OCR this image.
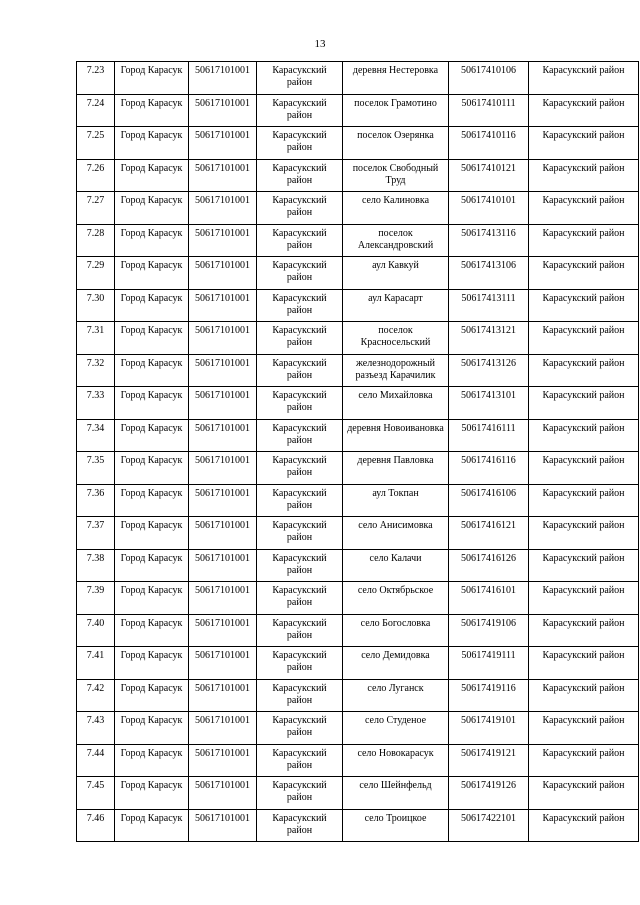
13
7.23	Город Карасук	50617101001	Карасукский район	деревня Нестеровка	50617410106	Карасукский район
7.24	Город Карасук	50617101001	Карасукский район	поселок Грамотино	50617410111	Карасукский район
7.25	Город Карасук	50617101001	Карасукский район	поселок Озерянка	50617410116	Карасукский район
7.26	Город Карасук	50617101001	Карасукский район	поселок Свободный Труд	50617410121	Карасукский район
7.27	Город Карасук	50617101001	Карасукский район	село Калиновка	50617410101	Карасукский район
7.28	Город Карасук	50617101001	Карасукский район	поселок Александровский	50617413116	Карасукский район
7.29	Город Карасук	50617101001	Карасукский район	аул Кавкуй	50617413106	Карасукский район
7.30	Город Карасук	50617101001	Карасукский район	аул Карасарт	50617413111	Карасукский район
7.31	Город Карасук	50617101001	Карасукский район	поселок Красносельский	50617413121	Карасукский район
7.32	Город Карасук	50617101001	Карасукский район	железнодорожный разъезд Карачилик	50617413126	Карасукский район
7.33	Город Карасук	50617101001	Карасукский район	село Михайловка	50617413101	Карасукский район
7.34	Город Карасук	50617101001	Карасукский район	деревня Новоивановка	50617416111	Карасукский район
7.35	Город Карасук	50617101001	Карасукский район	деревня Павловка	50617416116	Карасукский район
7.36	Город Карасук	50617101001	Карасукский район	аул Токпан	50617416106	Карасукский район
7.37	Город Карасук	50617101001	Карасукский район	село Анисимовка	50617416121	Карасукский район
7.38	Город Карасук	50617101001	Карасукский район	село Калачи	50617416126	Карасукский район
7.39	Город Карасук	50617101001	Карасукский район	село Октябрьское	50617416101	Карасукский район
7.40	Город Карасук	50617101001	Карасукский район	село Богословка	50617419106	Карасукский район
7.41	Город Карасук	50617101001	Карасукский район	село Демидовка	50617419111	Карасукский район
7.42	Город Карасук	50617101001	Карасукский район	село Луганск	50617419116	Карасукский район
7.43	Город Карасук	50617101001	Карасукский район	село Студеное	50617419101	Карасукский район
7.44	Город Карасук	50617101001	Карасукский район	село Новокарасук	50617419121	Карасукский район
7.45	Город Карасук	50617101001	Карасукский район	село Шейнфельд	50617419126	Карасукский район
7.46	Город Карасук	50617101001	Карасукский район	село Троицкое	50617422101	Карасукский район
